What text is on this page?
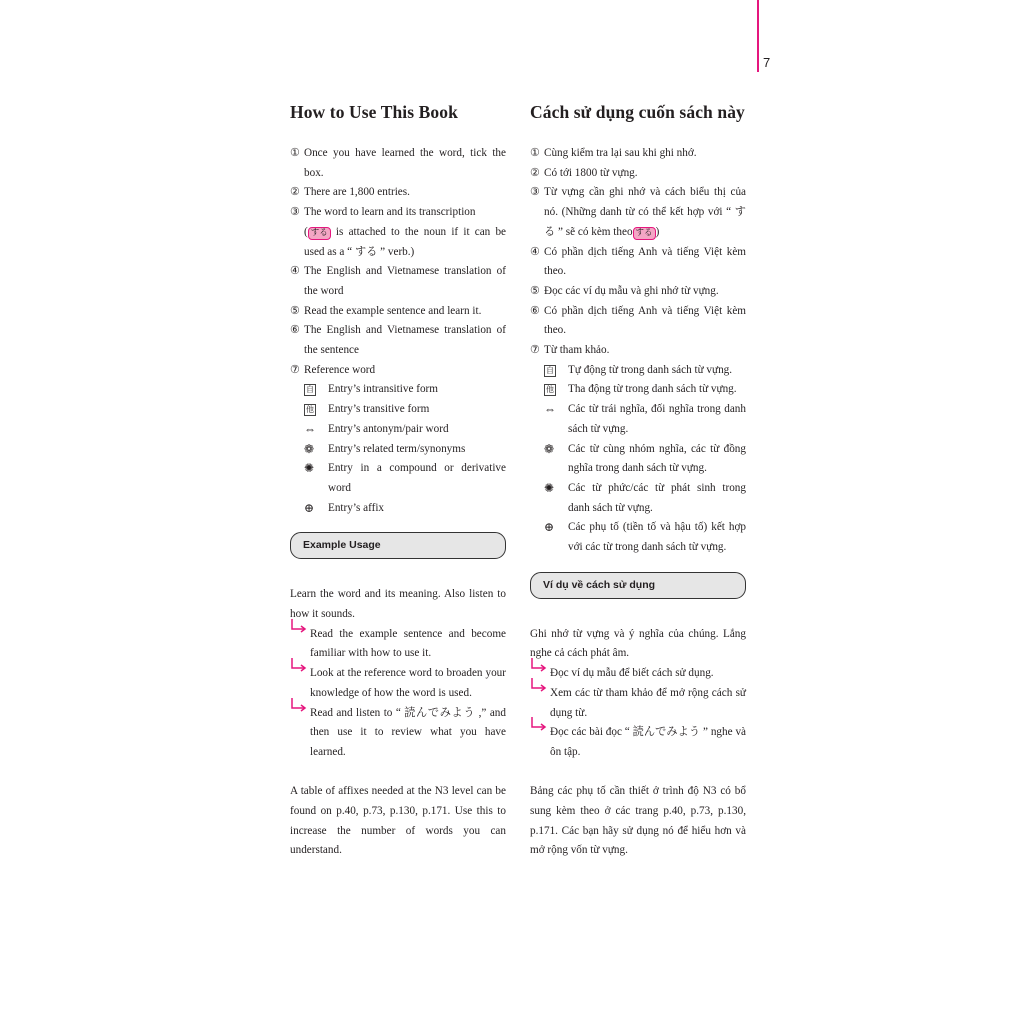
7
How to Use This Book
① Once you have learned the word, tick the box.
② There are 1,800 entries.
③ The word to learn and its transcription
( する is attached to the noun if it can be used as a “ する ” verb.)
④ The English and Vietnamese translation of the word
⑤ Read the example sentence and learn it.
⑥ The English and Vietnamese translation of the sentence
⑦ Reference word
自 Entry’s intransitive form
他 Entry’s transitive form
⇔	Entry’s antonym/pair word
❁	Entry’s related term/synonyms
✺	Entry in a compound or derivative word
⊕	Entry’s affix
Example Usage
Learn the word and its meaning. Also listen to how it sounds.
Read the example sentence and become familiar with how to use it.
Look at the reference word to broaden your knowledge of how the word is used.
Read and listen to “ 読んでみよう ,” and then use it to review what you have learned.
A table of affixes needed at the N3 level can be found on p.40, p.73, p.130, p.171. Use this to increase the number of words you can understand.
Cách sử dụng cuốn sách này
① Cùng kiểm tra lại sau khi ghi nhớ.
② Có tới 1800 từ vựng.
③ Từ vựng cần ghi nhớ và cách biểu thị của nó. (Những danh từ có thể kết hợp với “ する ” sẽ có kèm theo する )
④ Có phần dịch tiếng Anh và tiếng Việt kèm theo.
⑤ Đọc các ví dụ mẫu và ghi nhớ từ vựng.
⑥ Có phần dịch tiếng Anh và tiếng Việt kèm theo.
⑦ Từ tham khảo.
自 Tự động từ trong danh sách từ vựng.
他 Tha động từ trong danh sách từ vựng.
⇔	Các từ trái nghĩa, đối nghĩa trong danh sách từ vựng.
❁	Các từ cùng nhóm nghĩa, các từ đồng nghĩa trong danh sách từ vựng.
✺	Các từ phức/các từ phát sinh trong danh sách từ vựng.
⊕	Các phụ tố (tiền tố và hậu tố) kết hợp với các từ trong danh sách từ vựng.
Ví dụ về cách sử dụng
Ghi nhớ từ vựng và ý nghĩa của chúng. Lắng nghe cả cách phát âm.
Đọc ví dụ mẫu để biết cách sử dụng.
Xem các từ tham khảo để mở rộng cách sử dụng từ.
Đọc các bài đọc “ 読んでみよう ” nghe và ôn tập.
Bảng các phụ tố cần thiết ở trình độ N3 có bổ sung kèm theo ở các trang p.40, p.73, p.130, p.171. Các bạn hãy sử dụng nó để hiểu hơn và mở rộng vốn từ vựng.
